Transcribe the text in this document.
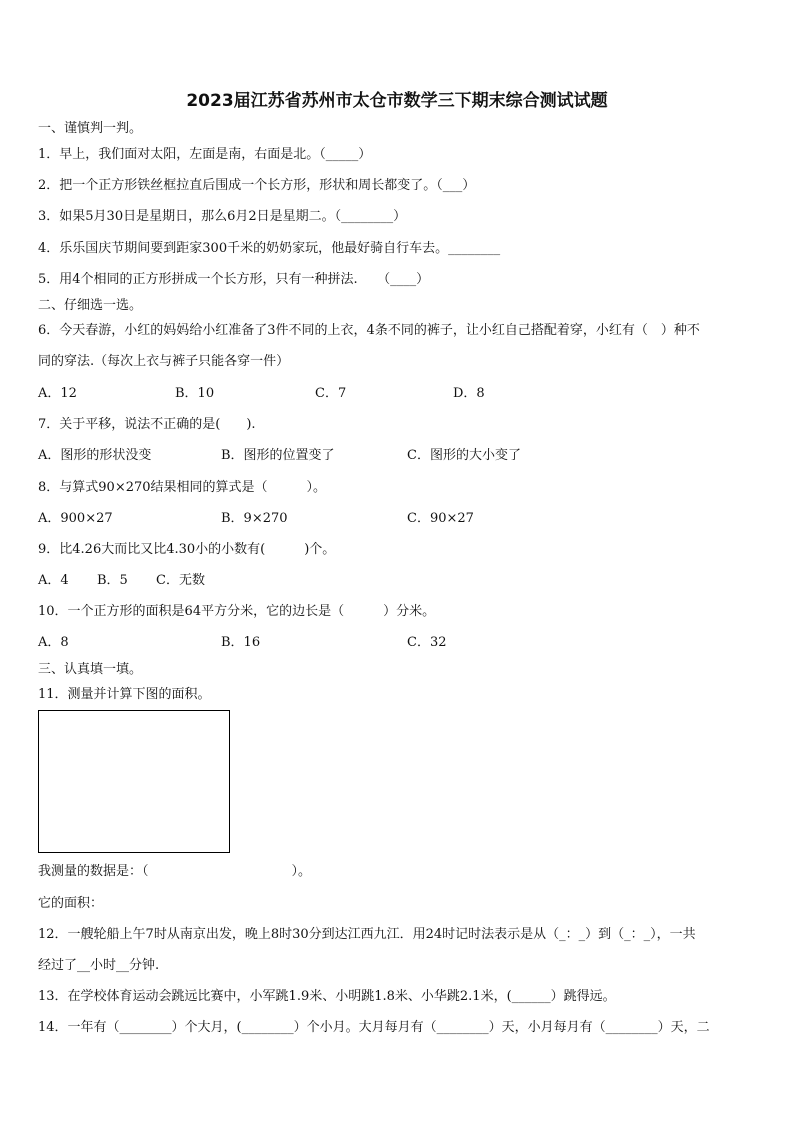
2023届江苏省苏州市太仓市数学三下期末综合测试试题
一、谨慎判一判。
1．早上，我们面对太阳，左面是南，右面是北。（_____）
2．把一个正方形铁丝框拉直后围成一个长方形，形状和周长都变了。（___）
3．如果5月30日是星期日，那么6月2日是星期二。（________）
4．乐乐国庆节期间要到距家300千米的奶奶家玩，他最好骑自行车去。________
5．用4个相同的正方形拼成一个长方形，只有一种拼法.　　（____）
二、仔细选一选。
6．今天春游，小红的妈妈给小红准备了3件不同的上衣，4条不同的裤子，让小红自己搭配着穿，小红有（　）种不
同的穿法.（每次上衣与裤子只能各穿一件）
A．12	B．10	C．7	D．8
7．关于平移，说法不正确的是(　　).
A．图形的形状没变	B．图形的位置变了	C．图形的大小变了
8．与算式90×270结果相同的算式是（　　　）。
A．900×27	B．9×270	C．90×27
9．比4.26大而比又比4.30小的小数有(　　　)个。
A．4 B．5 C．无数
10．一个正方形的面积是64平方分米，它的边长是（　　　）分米。
A．8	B．16	C．32
三、认真填一填。
11．测量并计算下图的面积。
我测量的数据是：（　　　　　　　　　　　）。
它的面积：
12．一艘轮船上午7时从南京出发，晚上8时30分到达江西九江．用24时记时法表示是从（_：_）到（_：_），一共
经过了__小时__分钟.
13．在学校体育运动会跳远比赛中，小军跳1.9米、小明跳1.8米、小华跳2.1米，(______）跳得远。
14．一年有（________）个大月，(________）个小月。大月每月有（________）天，小月每月有（________）天，二
